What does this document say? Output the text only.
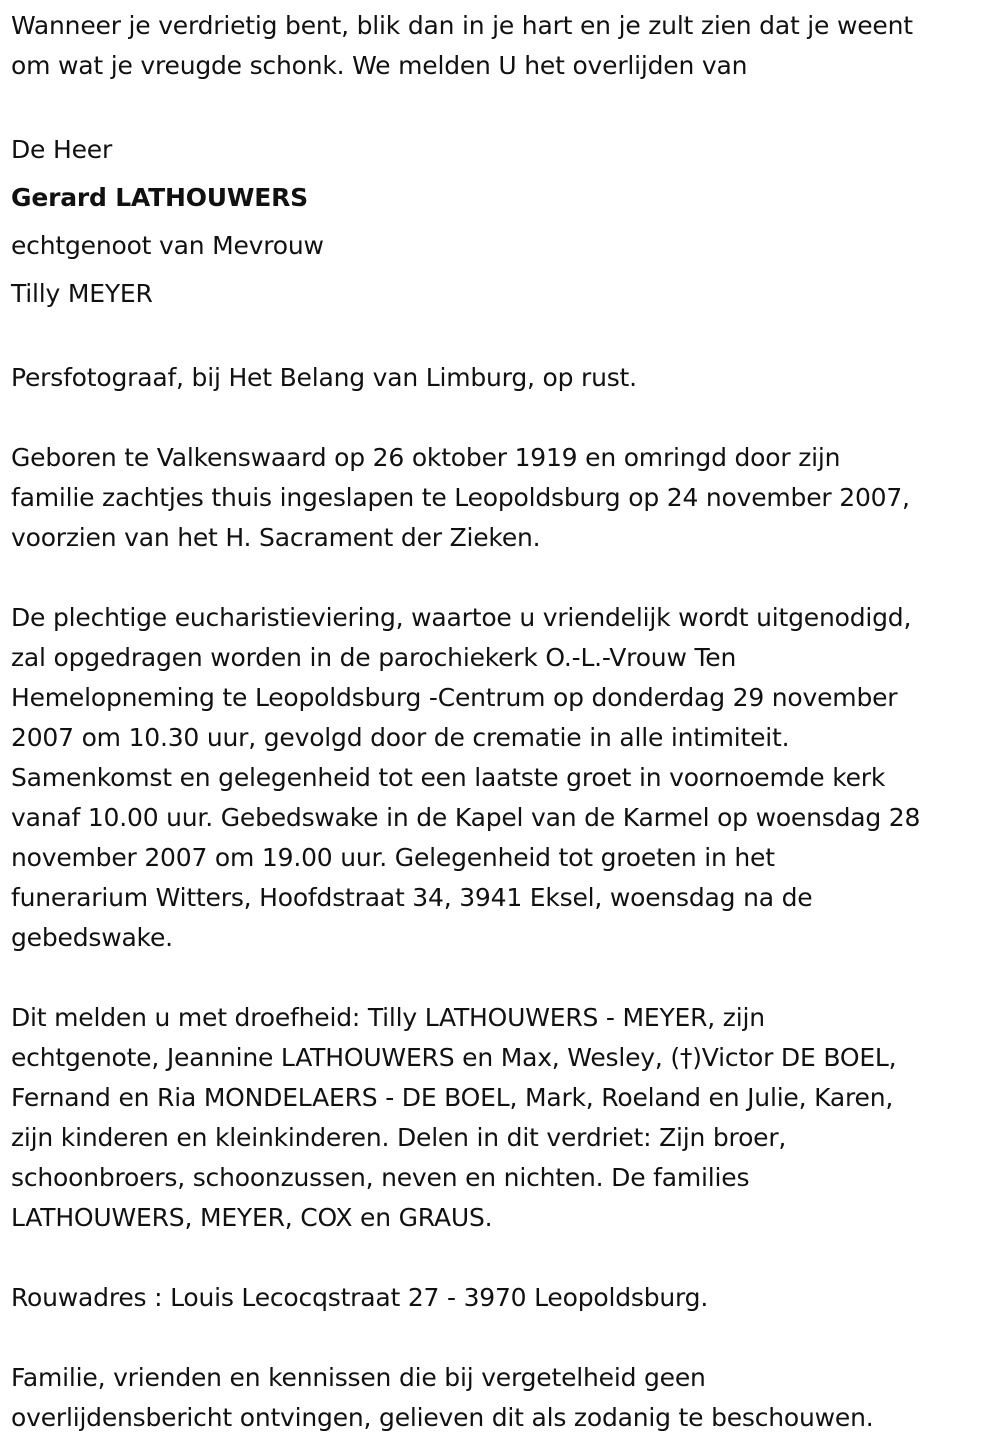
Wanneer je verdrietig bent, blik dan in je hart en je zult zien dat je weent
om wat je vreugde schonk. We melden U het overlijden van
De Heer
Gerard LATHOUWERS
echtgenoot van Mevrouw
Tilly MEYER
Persfotograaf, bij Het Belang van Limburg, op rust.
Geboren te Valkenswaard op 26 oktober 1919 en omringd door zijn
familie zachtjes thuis ingeslapen te Leopoldsburg op 24 november 2007,
voorzien van het H. Sacrament der Zieken.
De plechtige eucharistieviering, waartoe u vriendelijk wordt uitgenodigd,
zal opgedragen worden in de parochiekerk O.-L.-Vrouw Ten
Hemelopneming te Leopoldsburg -Centrum op donderdag 29 november
2007 om 10.30 uur, gevolgd door de crematie in alle intimiteit.
Samenkomst en gelegenheid tot een laatste groet in voornoemde kerk
vanaf 10.00 uur. Gebedswake in de Kapel van de Karmel op woensdag 28
november 2007 om 19.00 uur. Gelegenheid tot groeten in het
funerarium Witters, Hoofdstraat 34, 3941 Eksel, woensdag na de
gebedswake.
Dit melden u met droefheid: Tilly LATHOUWERS - MEYER, zijn
echtgenote, Jeannine LATHOUWERS en Max, Wesley, (†)Victor DE BOEL,
Fernand en Ria MONDELAERS - DE BOEL, Mark, Roeland en Julie, Karen,
zijn kinderen en kleinkinderen. Delen in dit verdriet: Zijn broer,
schoonbroers, schoonzussen, neven en nichten. De families
LATHOUWERS, MEYER, COX en GRAUS.
Rouwadres : Louis Lecocqstraat 27 - 3970 Leopoldsburg.
Familie, vrienden en kennissen die bij vergetelheid geen
overlijdensbericht ontvingen, gelieven dit als zodanig te beschouwen.
